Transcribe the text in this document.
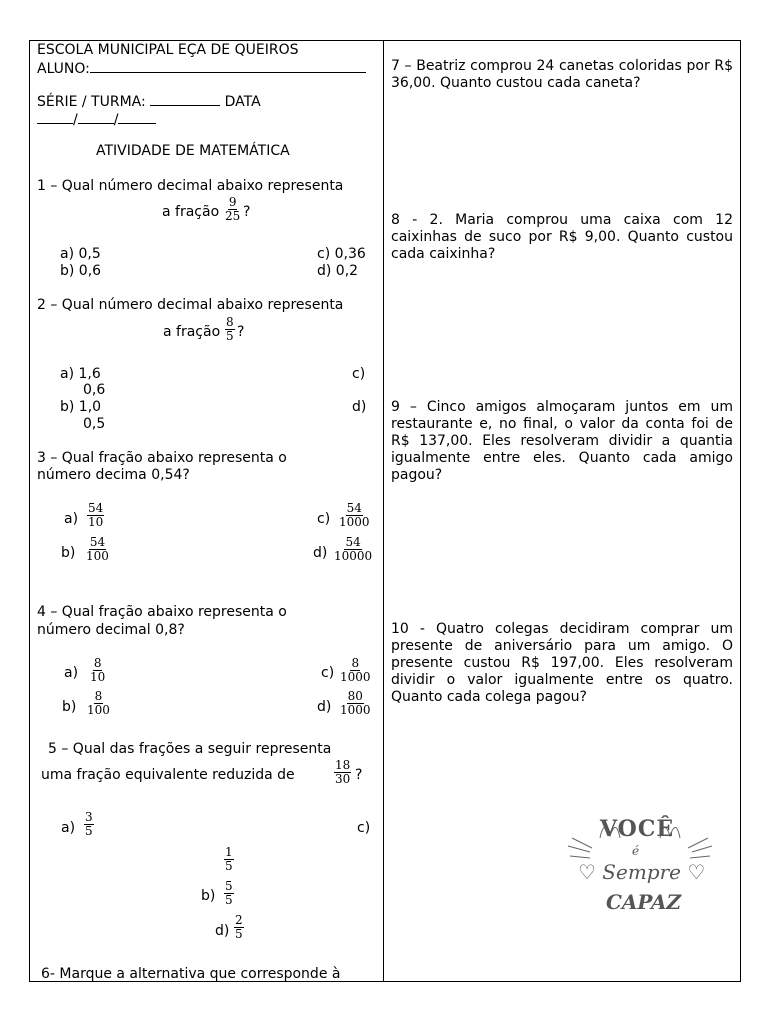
ESCOLA MUNICIPAL EÇA DE QUEIROS
ALUNO:
SÉRIE / TURMA:	DATA
/	/
ATIVIDADE DE MATEMÁTICA
1 – Qual número decimal abaixo representa
a fração $\frac{9}{25}$ ?
a) 0,5
b) 0,6
c) 0,36
d) 0,2
2 – Qual número decimal abaixo representa
a fração $\frac{8}{5}$ ?
a) 1,6
0,6
b) 1,0
0,5
c)
d)
3 – Qual fração abaixo representa o
número decima 0,54?
$a) \frac{54}{10}$
$b) \frac{54}{100}$
$c) \frac{54}{1000}$
$d) \frac{54}{10000}$
4 – Qual fração abaixo representa o
número decimal 0,8?
$a) \frac{8}{10}$
$b) \frac{8}{100}$
$c) \frac{8}{1000}$
$d) \frac{80}{1000}$
5 – Qual das frações a seguir representa
uma fração equivalente reduzida de	$\frac{18}{30}$ ?
$a) \frac{3}{5}$	c)
$\frac{1}{5}$
$b) \frac{5}{5}$
$d) \frac{2}{5}$
6- Marque a alternativa que corresponde à
7 – Beatriz comprou 24 canetas coloridas por R$ 36,00. Quanto custou cada caneta?
8 - 2. Maria comprou uma caixa com 12 caixinhas de suco por R$ 9,00. Quanto custou cada caixinha?
9 – Cinco amigos almoçaram juntos em um restaurante e, no final, o valor da conta foi de R$ 137,00. Eles resolveram dividir a quantia igualmente entre eles. Quanto cada amigo pagou?
10 - Quatro colegas decidiram comprar um presente de aniversário para um amigo. O presente custou R$ 197,00. Eles resolveram dividir o valor igualmente entre os quatro. Quanto cada colega pagou?
VOCÊ
é
♡ Sempre ♡
CAPAZ
